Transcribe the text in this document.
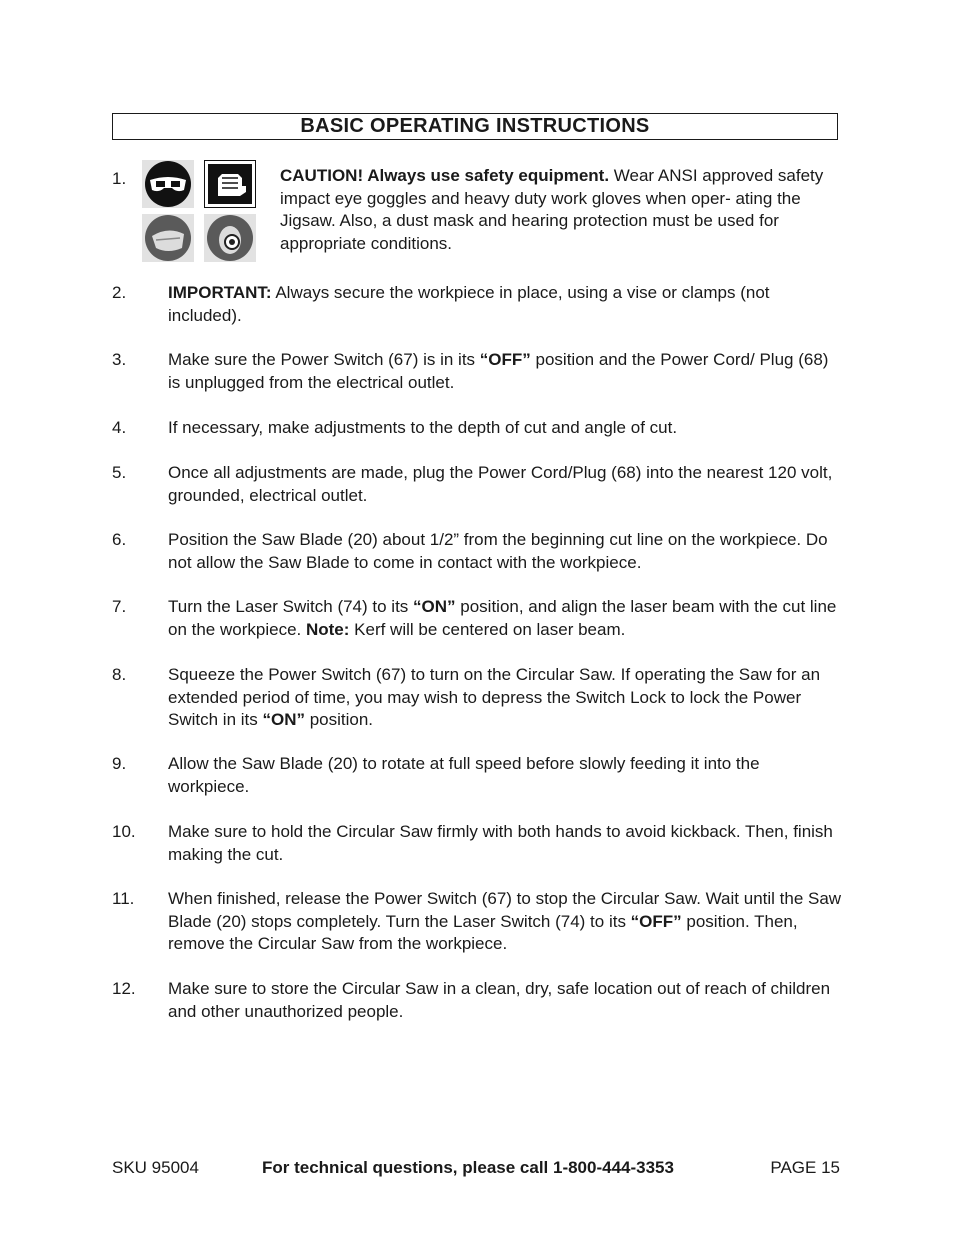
BASIC OPERATING INSTRUCTIONS
1.	CAUTION! Always use safety equipment. Wear ANSI approved safety impact eye goggles and heavy duty work gloves when oper- ating the Jigsaw. Also, a dust mask and hearing protection must be used for appropriate conditions.
2. IMPORTANT: Always secure the workpiece in place, using a vise or clamps (not included).
3. Make sure the Power Switch (67) is in its “OFF” position and the Power Cord/ Plug (68) is unplugged from the electrical outlet.
4. If necessary, make adjustments to the depth of cut and angle of cut.
5. Once all adjustments are made, plug the Power Cord/Plug (68) into the nearest 120 volt, grounded, electrical outlet.
6. Position the Saw Blade (20) about 1/2” from the beginning cut line on the workpiece. Do not allow the Saw Blade to come in contact with the workpiece.
7. Turn the Laser Switch (74) to its “ON” position, and align the laser beam with the cut line on the workpiece. Note: Kerf will be centered on laser beam.
8. Squeeze the Power Switch (67) to turn on the Circular Saw. If operating the Saw for an extended period of time, you may wish to depress the Switch Lock to lock the Power Switch in its “ON” position.
9. Allow the Saw Blade (20) to rotate at full speed before slowly feeding it into the workpiece.
10. Make sure to hold the Circular Saw firmly with both hands to avoid kickback. Then, finish making the cut.
11. When finished, release the Power Switch (67) to stop the Circular Saw. Wait until the Saw Blade (20) stops completely. Turn the Laser Switch (74) to its “OFF” position. Then, remove the Circular Saw from the workpiece.
12. Make sure to store the Circular Saw in a clean, dry, safe location out of reach of children and other unauthorized people.
SKU 95004	For technical questions, please call 1-800-444-3353	PAGE 15
